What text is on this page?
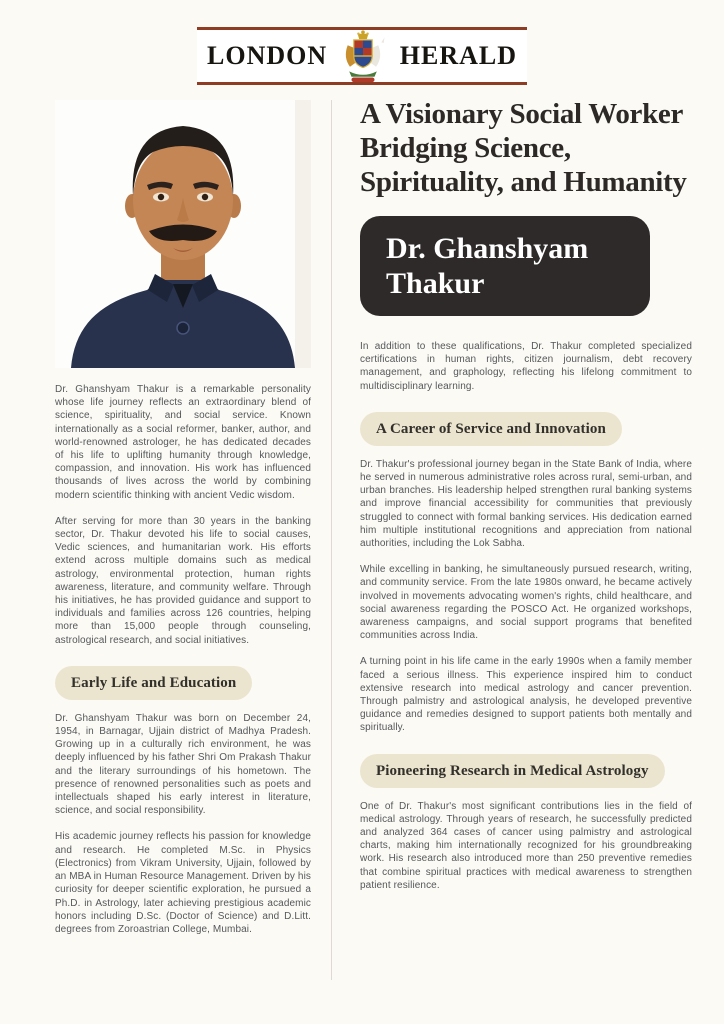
LONDON	HERALD

Dr. Ghanshyam Thakur is a remarkable personality whose life journey reflects an extraordinary blend of science, spirituality, and social service. Known internationally as a social reformer, banker, author, and world-renowned astrologer, he has dedicated decades of his life to uplifting humanity through knowledge, compassion, and innovation. His work has influenced thousands of lives across the world by combining modern scientific thinking with ancient Vedic wisdom.

After serving for more than 30 years in the banking sector, Dr. Thakur devoted his life to social causes, Vedic sciences, and humanitarian work. His efforts extend across multiple domains such as medical astrology, environmental protection, human rights awareness, literature, and community welfare. Through his initiatives, he has provided guidance and support to individuals and families across 126 countries, helping more than 15,000 people through counseling, astrological research, and social initiatives.

Early Life and Education

Dr. Ghanshyam Thakur was born on December 24, 1954, in Barnagar, Ujjain district of Madhya Pradesh. Growing up in a culturally rich environment, he was deeply influenced by his father Shri Om Prakash Thakur and the literary surroundings of his hometown. The presence of renowned personalities such as poets and intellectuals shaped his early interest in literature, science, and social responsibility.

His academic journey reflects his passion for knowledge and research. He completed M.Sc. in Physics (Electronics) from Vikram University, Ujjain, followed by an MBA in Human Resource Management. Driven by his curiosity for deeper scientific exploration, he pursued a Ph.D. in Astrology, later achieving prestigious academic honors including D.Sc. (Doctor of Science) and D.Litt. degrees from Zoroastrian College, Mumbai.

A Visionary Social Worker Bridging Science, Spirituality, and Humanity
Dr. Ghanshyam Thakur

In addition to these qualifications, Dr. Thakur completed specialized certifications in human rights, citizen journalism, debt recovery management, and graphology, reflecting his lifelong commitment to multidisciplinary learning.

A Career of Service and Innovation

Dr. Thakur's professional journey began in the State Bank of India, where he served in numerous administrative roles across rural, semi-urban, and urban branches. His leadership helped strengthen rural banking systems and improve financial accessibility for communities that previously struggled to connect with formal banking services. His dedication earned him multiple institutional recognitions and appreciation from national authorities, including the Lok Sabha.

While excelling in banking, he simultaneously pursued research, writing, and community service. From the late 1980s onward, he became actively involved in movements advocating women's rights, child healthcare, and social awareness regarding the POSCO Act. He organized workshops, awareness campaigns, and social support programs that benefited communities across India.

A turning point in his life came in the early 1990s when a family member faced a serious illness. This experience inspired him to conduct extensive research into medical astrology and cancer prevention. Through palmistry and astrological analysis, he developed preventive guidance and remedies designed to support patients both mentally and spiritually.

Pioneering Research in Medical Astrology

One of Dr. Thakur's most significant contributions lies in the field of medical astrology. Through years of research, he successfully predicted and analyzed 364 cases of cancer using palmistry and astrological charts, making him internationally recognized for his groundbreaking work. His research also introduced more than 250 preventive remedies that combine spiritual practices with medical awareness to strengthen patient resilience.
